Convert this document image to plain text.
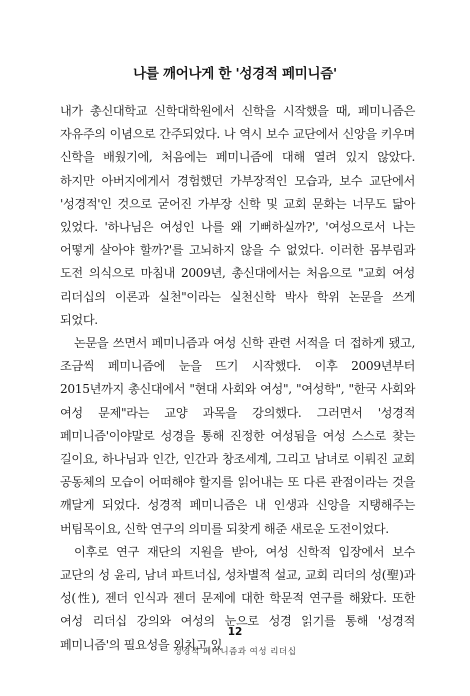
나를 깨어나게 한 '성경적 페미니즘'

내가 총신대학교 신학대학원에서 신학을 시작했을 때, 페미니즘은 자유주의 이념으로 간주되었다. 나 역시 보수 교단에서 신앙을 키우며 신학을 배웠기에, 처음에는 페미니즘에 대해 열려 있지 않았다. 하지만 아버지에게서 경험했던 가부장적인 모습과, 보수 교단에서 '성경적'인 것으로 굳어진 가부장 신학 및 교회 문화는 너무도 닮아 있었다. '하나님은 여성인 나를 왜 기뻐하실까?', '여성으로서 나는 어떻게 살아야 할까?'를 고뇌하지 않을 수 없었다. 이러한 몸부림과 도전 의식으로 마침내 2009년, 총신대에서는 처음으로 "교회 여성 리더십의 이론과 실천"이라는 실천신학 박사 학위 논문을 쓰게 되었다.

논문을 쓰면서 페미니즘과 여성 신학 관련 서적을 더 접하게 됐고, 조금씩 페미니즘에 눈을 뜨기 시작했다. 이후 2009년부터 2015년까지 총신대에서 "현대 사회와 여성", "여성학", "한국 사회와 여성 문제"라는 교양 과목을 강의했다. 그러면서 '성경적 페미니즘'이야말로 성경을 통해 진정한 여성됨을 여성 스스로 찾는 길이요, 하나님과 인간, 인간과 창조세계, 그리고 남녀로 이뤄진 교회 공동체의 모습이 어떠해야 할지를 읽어내는 또 다른 관점이라는 것을 깨달게 되었다. 성경적 페미니즘은 내 인생과 신앙을 지탱해주는 버팀목이요, 신학 연구의 의미를 되찾게 해준 새로운 도전이었다.

이후로 연구 재단의 지원을 받아, 여성 신학적 입장에서 보수 교단의 성 윤리, 남녀 파트너십, 성차별적 설교, 교회 리더의 성(聖)과 성(性), 젠더 인식과 젠더 문제에 대한 학문적 연구를 해왔다. 또한 여성 리더십 강의와 여성의 눈으로 성경 읽기를 통해 '성경적 페미니즘'의 필요성을 외치고 있

12
성경적 페미니즘과 여성 리더십
